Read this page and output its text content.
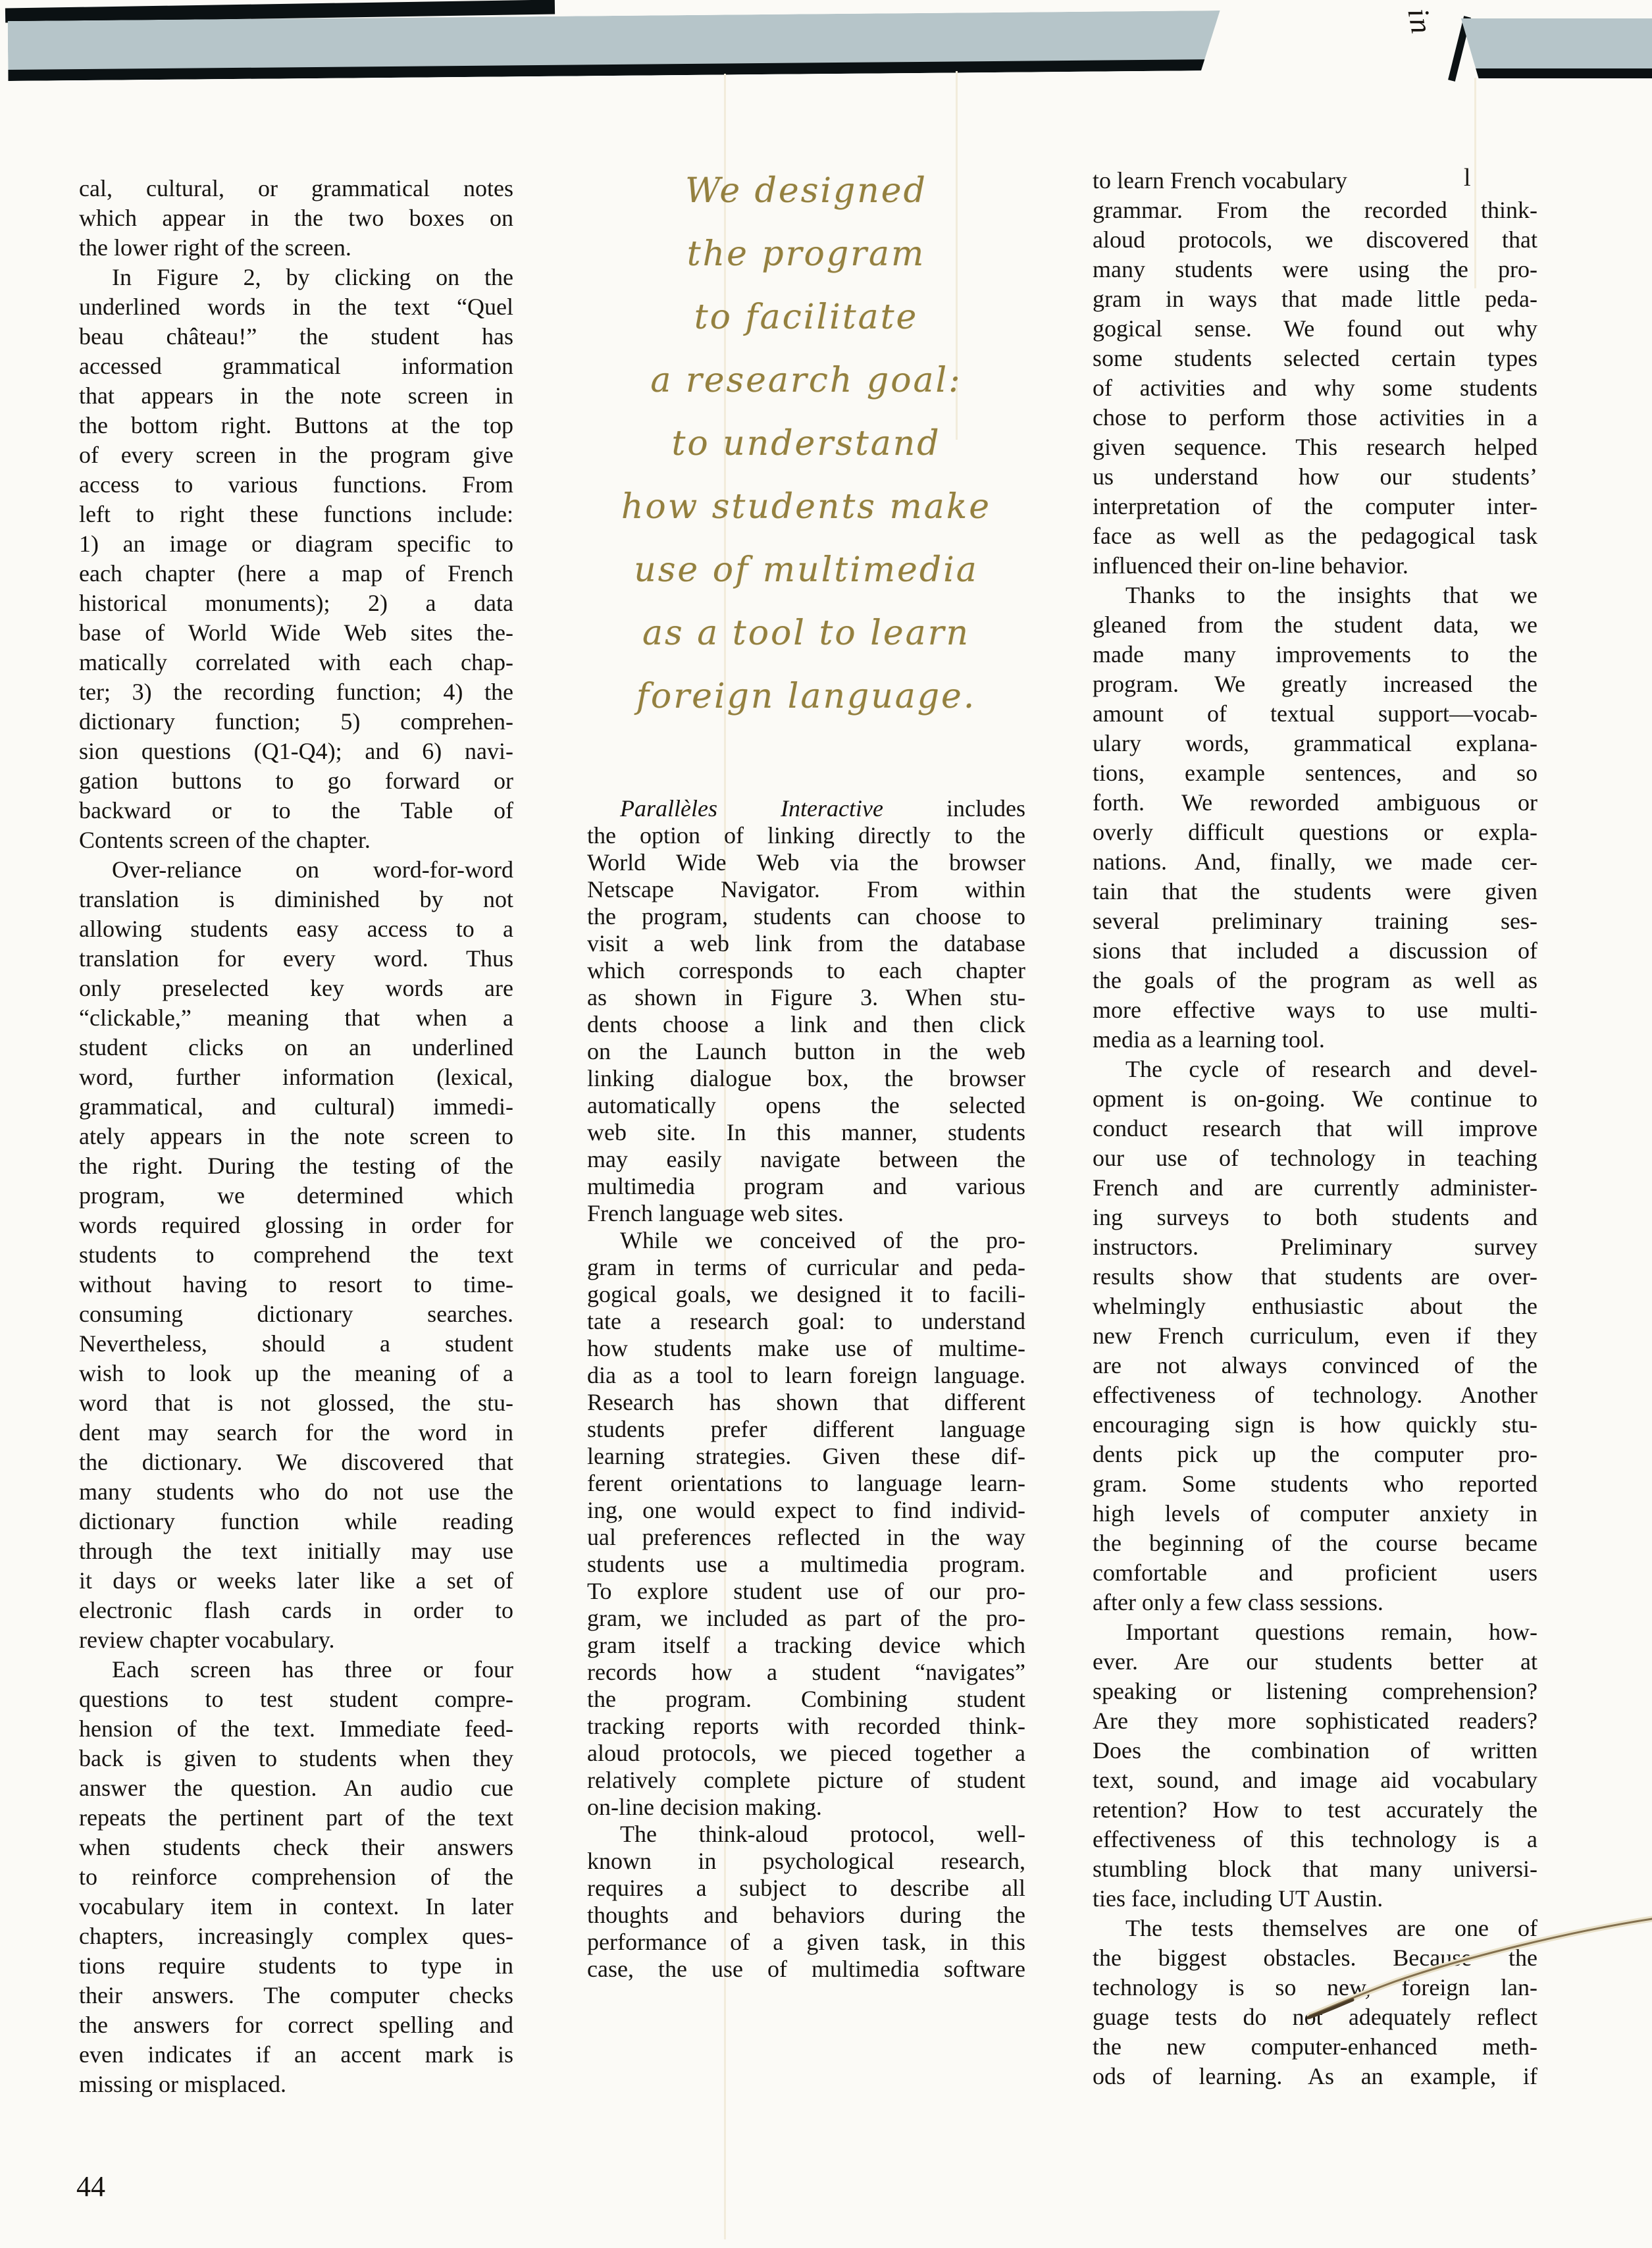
in
cal, cultural, or grammatical notes
which appear in the two boxes on
the lower right of the screen.
In Figure 2, by clicking on the
underlined words in the text “Quel
beau château!” the student has
accessed grammatical information
that appears in the note screen in
the bottom right. Buttons at the top
of every screen in the program give
access to various functions. From
left to right these functions include:
1) an image or diagram specific to
each chapter (here a map of French
historical monuments); 2) a data
base of World Wide Web sites the-
matically correlated with each chap-
ter; 3) the recording function; 4) the
dictionary function; 5) comprehen-
sion questions (Q1-Q4); and 6) navi-
gation buttons to go forward or
backward or to the Table of
Contents screen of the chapter.
Over-reliance on word-for-word
translation is diminished by not
allowing students easy access to a
translation for every word. Thus
only preselected key words are
“clickable,” meaning that when a
student clicks on an underlined
word, further information (lexical,
grammatical, and cultural) immedi-
ately appears in the note screen to
the right. During the testing of the
program, we determined which
words required glossing in order for
students to comprehend the text
without having to resort to time-
consuming dictionary searches.
Nevertheless, should a student
wish to look up the meaning of a
word that is not glossed, the stu-
dent may search for the word in
the dictionary. We discovered that
many students who do not use the
dictionary function while reading
through the text initially may use
it days or weeks later like a set of
electronic flash cards in order to
review chapter vocabulary.
Each screen has three or four
questions to test student compre-
hension of the text. Immediate feed-
back is given to students when they
answer the question. An audio cue
repeats the pertinent part of the text
when students check their answers
to reinforce comprehension of the
vocabulary item in context. In later
chapters, increasingly complex ques-
tions require students to type in
their answers. The computer checks
the answers for correct spelling and
even indicates if an accent mark is
missing or misplaced.
We designed
the program
to facilitate
a research goal:
to understand
how students make
use of multimedia
as a tool to learn
foreign language.
Parallèles Interactive includes
the option of linking directly to the
World Wide Web via the browser
Netscape Navigator. From within
the program, students can choose to
visit a web link from the database
which corresponds to each chapter
as shown in Figure 3. When stu-
dents choose a link and then click
on the Launch button in the web
linking dialogue box, the browser
automatically opens the selected
web site. In this manner, students
may easily navigate between the
multimedia program and various
French language web sites.
While we conceived of the pro-
gram in terms of curricular and peda-
gogical goals, we designed it to facili-
tate a research goal: to understand
how students make use of multime-
dia as a tool to learn foreign language.
Research has shown that different
students prefer different language
learning strategies. Given these dif-
ferent orientations to language learn-
ing, one would expect to find individ-
ual preferences reflected in the way
students use a multimedia program.
To explore student use of our pro-
gram, we included as part of the pro-
gram itself a tracking device which
records how a student “navigates”
the program. Combining student
tracking reports with recorded think-
aloud protocols, we pieced together a
relatively complete picture of student
on-line decision making.
The think-aloud protocol, well-
known in psychological research,
requires a subject to describe all
thoughts and behaviors during the
performance of a given task, in this
case, the use of multimedia software
to learn French vocabulary
grammar. From the recorded think-
aloud protocols, we discovered that
many students were using the pro-
gram in ways that made little peda-
gogical sense. We found out why
some students selected certain types
of activities and why some students
chose to perform those activities in a
given sequence. This research helped
us understand how our students’
interpretation of the computer inter-
face as well as the pedagogical task
influenced their on-line behavior.
Thanks to the insights that we
gleaned from the student data, we
made many improvements to the
program. We greatly increased the
amount of textual support—vocab-
ulary words, grammatical explana-
tions, example sentences, and so
forth. We reworded ambiguous or
overly difficult questions or expla-
nations. And, finally, we made cer-
tain that the students were given
several preliminary training ses-
sions that included a discussion of
the goals of the program as well as
more effective ways to use multi-
media as a learning tool.
The cycle of research and devel-
opment is on-going. We continue to
conduct research that will improve
our use of technology in teaching
French and are currently administer-
ing surveys to both students and
instructors. Preliminary survey
results show that students are over-
whelmingly enthusiastic about the
new French curriculum, even if they
are not always convinced of the
effectiveness of technology. Another
encouraging sign is how quickly stu-
dents pick up the computer pro-
gram. Some students who reported
high levels of computer anxiety in
the beginning of the course became
comfortable and proficient users
after only a few class sessions.
Important questions remain, how-
ever. Are our students better at
speaking or listening comprehension?
Are they more sophisticated readers?
Does the combination of written
text, sound, and image aid vocabulary
retention? How to test accurately the
effectiveness of this technology is a
stumbling block that many universi-
ties face, including UT Austin.
The tests themselves are one of
the biggest obstacles. Because the
technology is so new, foreign lan-
guage tests do not adequately reflect
the new computer-enhanced meth-
ods of learning. As an example, if
l
44
